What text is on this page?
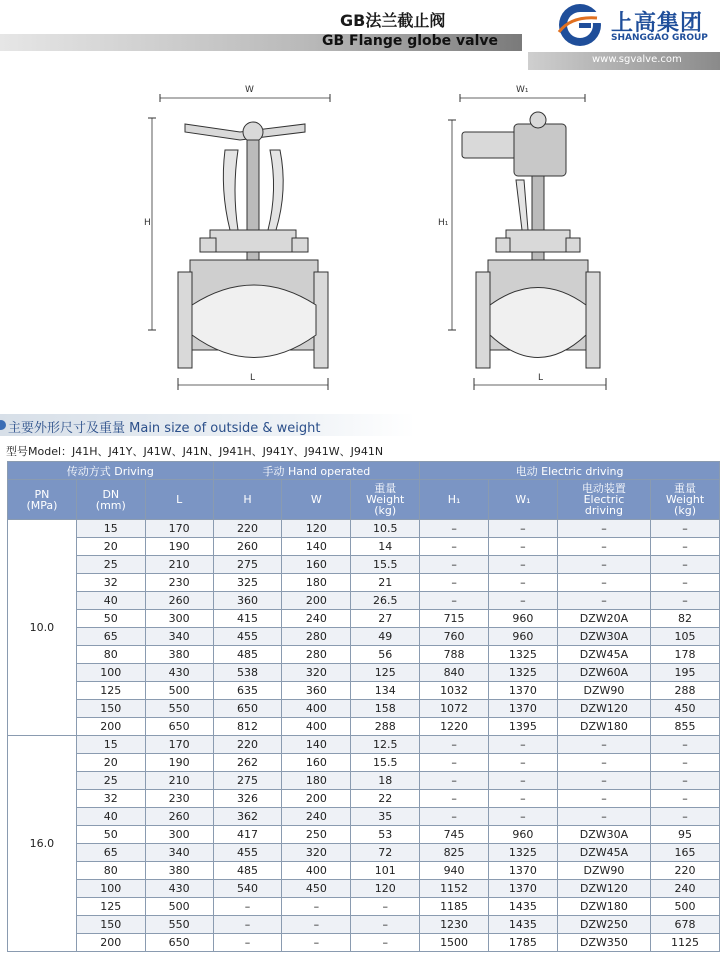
GB法兰截止阀
GB Flange globe valve
上高集团
SHANGGAO GROUP
www.sgvalve.com
W
H
L
W₁
H₁
L
主要外形尺寸及重量 Main size of outside & weight
型号Model：J41H、J41Y、J41W、J41N、J941H、J941Y、J941W、J941N
传动方式 Driving			手动 Hand operated			电动 Electric driving			
PN
(MPa)	DN
(mm)	L	H	W	重量
Weight
(kg)	H₁	W₁	电动装置
Electric
driving	重量
Weight
(kg)
10.0	15	170	220	120	10.5	–	–	–	–
	20	190	260	140	14	–	–	–	–
	25	210	275	160	15.5	–	–	–	–
	32	230	325	180	21	–	–	–	–
	40	260	360	200	26.5	–	–	–	–
	50	300	415	240	27	715	960	DZW20A	82
	65	340	455	280	49	760	960	DZW30A	105
	80	380	485	280	56	788	1325	DZW45A	178
	100	430	538	320	125	840	1325	DZW60A	195
	125	500	635	360	134	1032	1370	DZW90	288
	150	550	650	400	158	1072	1370	DZW120	450
	200	650	812	400	288	1220	1395	DZW180	855
16.0	15	170	220	140	12.5	–	–	–	–
	20	190	262	160	15.5	–	–	–	–
	25	210	275	180	18	–	–	–	–
	32	230	326	200	22	–	–	–	–
	40	260	362	240	35	–	–	–	–
	50	300	417	250	53	745	960	DZW30A	95
	65	340	455	320	72	825	1325	DZW45A	165
	80	380	485	400	101	940	1370	DZW90	220
	100	430	540	450	120	1152	1370	DZW120	240
	125	500	–	–	–	1185	1435	DZW180	500
	150	550	–	–	–	1230	1435	DZW250	678
	200	650	–	–	–	1500	1785	DZW350	1125
